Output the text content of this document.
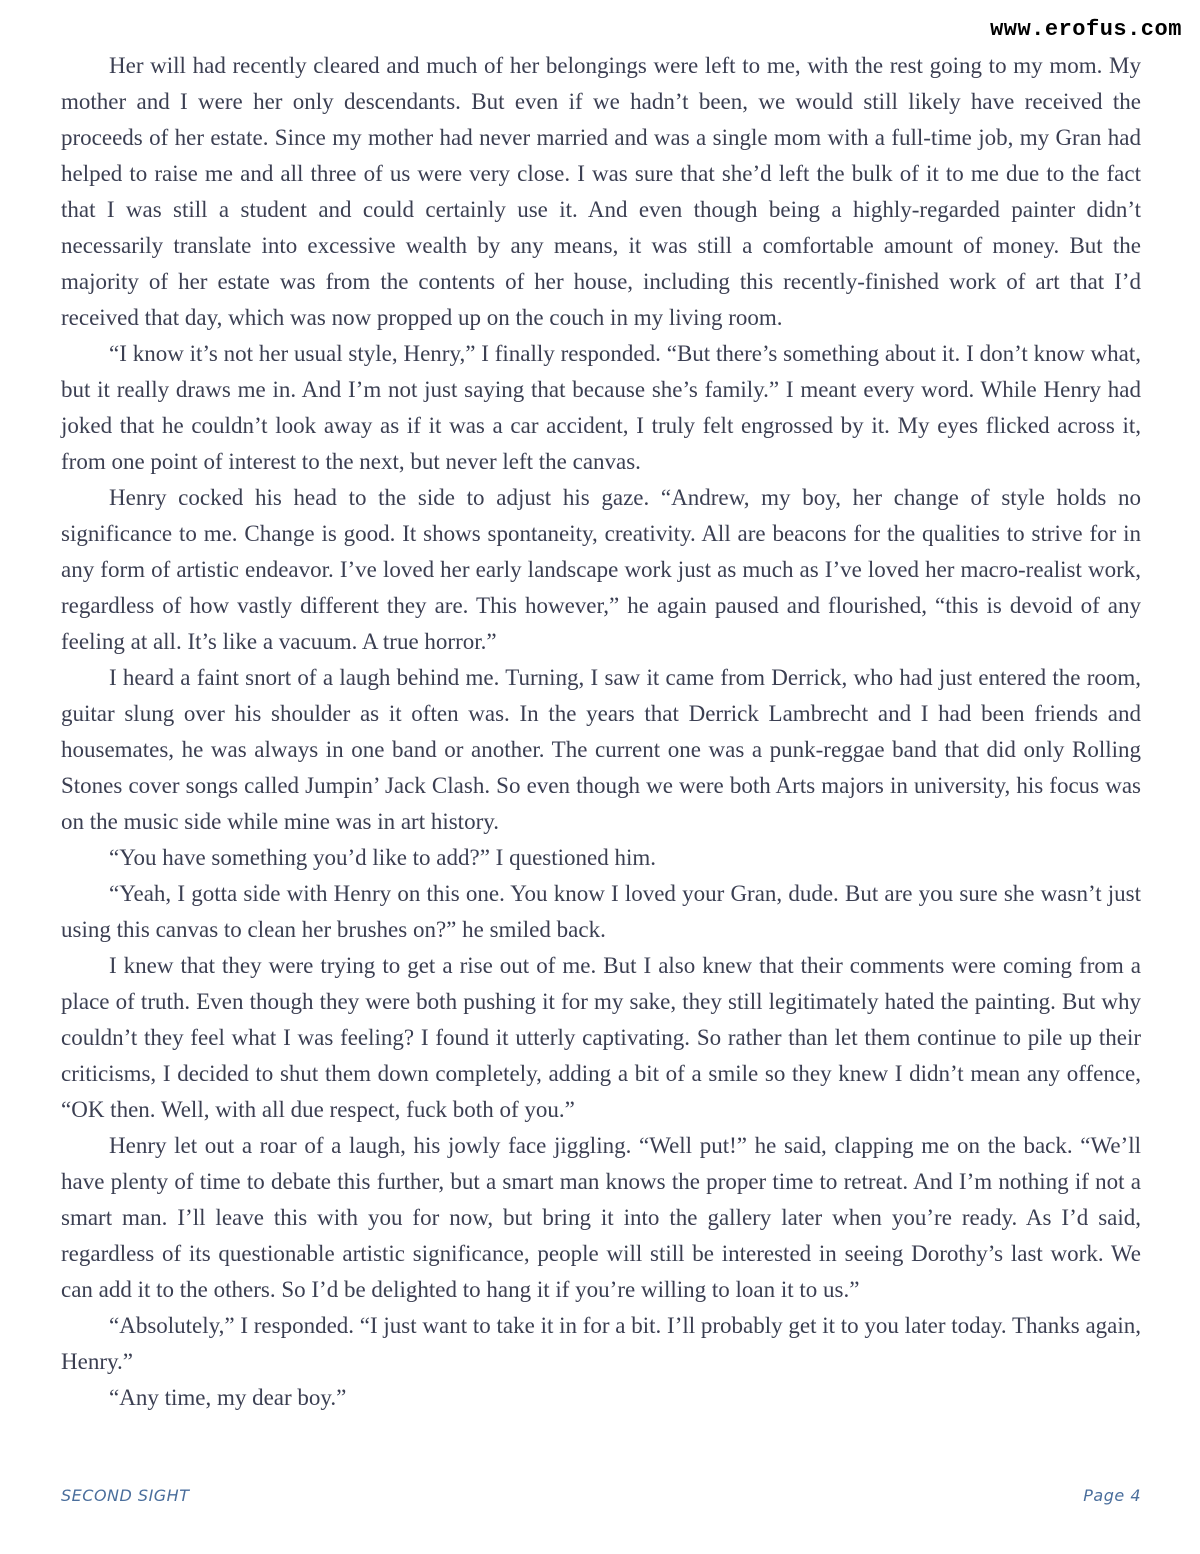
www.erofus.com

Her will had recently cleared and much of her belongings were left to me, with the rest going to my mom. My mother and I were her only descendants. But even if we hadn’t been, we would still likely have received the proceeds of her estate. Since my mother had never married and was a single mom with a full-time job, my Gran had helped to raise me and all three of us were very close. I was sure that she’d left the bulk of it to me due to the fact that I was still a student and could certainly use it. And even though being a highly-regarded painter didn’t necessarily translate into excessive wealth by any means, it was still a comfortable amount of money. But the majority of her estate was from the contents of her house, including this recently-finished work of art that I’d received that day, which was now propped up on the couch in my living room.

“I know it’s not her usual style, Henry,” I finally responded. “But there’s something about it. I don’t know what, but it really draws me in. And I’m not just saying that because she’s family.” I meant every word. While Henry had joked that he couldn’t look away as if it was a car accident, I truly felt engrossed by it. My eyes flicked across it, from one point of interest to the next, but never left the canvas.

Henry cocked his head to the side to adjust his gaze. “Andrew, my boy, her change of style holds no significance to me. Change is good. It shows spontaneity, creativity. All are beacons for the qualities to strive for in any form of artistic endeavor. I’ve loved her early landscape work just as much as I’ve loved her macro-realist work, regardless of how vastly different they are. This however,” he again paused and flourished, “this is devoid of any feeling at all. It’s like a vacuum. A true horror.”

I heard a faint snort of a laugh behind me. Turning, I saw it came from Derrick, who had just entered the room, guitar slung over his shoulder as it often was. In the years that Derrick Lambrecht and I had been friends and housemates, he was always in one band or another. The current one was a punk-reggae band that did only Rolling Stones cover songs called Jumpin’ Jack Clash. So even though we were both Arts majors in university, his focus was on the music side while mine was in art history.

“You have something you’d like to add?” I questioned him.

“Yeah, I gotta side with Henry on this one. You know I loved your Gran, dude. But are you sure she wasn’t just using this canvas to clean her brushes on?” he smiled back.

I knew that they were trying to get a rise out of me. But I also knew that their comments were coming from a place of truth. Even though they were both pushing it for my sake, they still legitimately hated the painting. But why couldn’t they feel what I was feeling? I found it utterly captivating. So rather than let them continue to pile up their criticisms, I decided to shut them down completely, adding a bit of a smile so they knew I didn’t mean any offence, “OK then. Well, with all due respect, fuck both of you.”

Henry let out a roar of a laugh, his jowly face jiggling. “Well put!” he said, clapping me on the back. “We’ll have plenty of time to debate this further, but a smart man knows the proper time to retreat. And I’m nothing if not a smart man. I’ll leave this with you for now, but bring it into the gallery later when you’re ready. As I’d said, regardless of its questionable artistic significance, people will still be interested in seeing Dorothy’s last work. We can add it to the others. So I’d be delighted to hang it if you’re willing to loan it to us.”

“Absolutely,” I responded. “I just want to take it in for a bit. I’ll probably get it to you later today. Thanks again, Henry.”

“Any time, my dear boy.”

SECOND SIGHT	Page 4
